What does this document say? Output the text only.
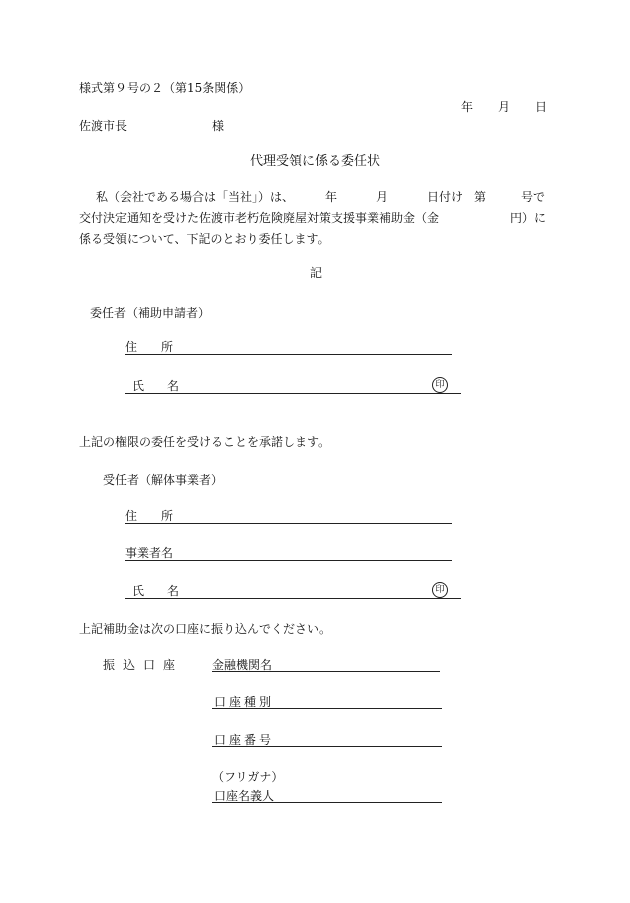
様式第９号の２（第15条関係）
年 月 日
佐渡市長	様
代理受領に係る委任状
私（会社である場合は「当社」）は、	年	月	日付け 第	号で
交付決定通知を受けた佐渡市老朽危険廃屋対策支援事業補助金（金	円）に
係る受領について、下記のとおり委任します。
記
委任者（補助申請者）
住 所
氏 名	印
上記の権限の委任を受けることを承諾します。
受任者（解体事業者）
住 所
事業者名
氏 名	印
上記補助金は次の口座に振り込んでください。
振 込 口 座	金融機関名
口 座 種 別
口 座 番 号
（フリガナ）
口座名義人
